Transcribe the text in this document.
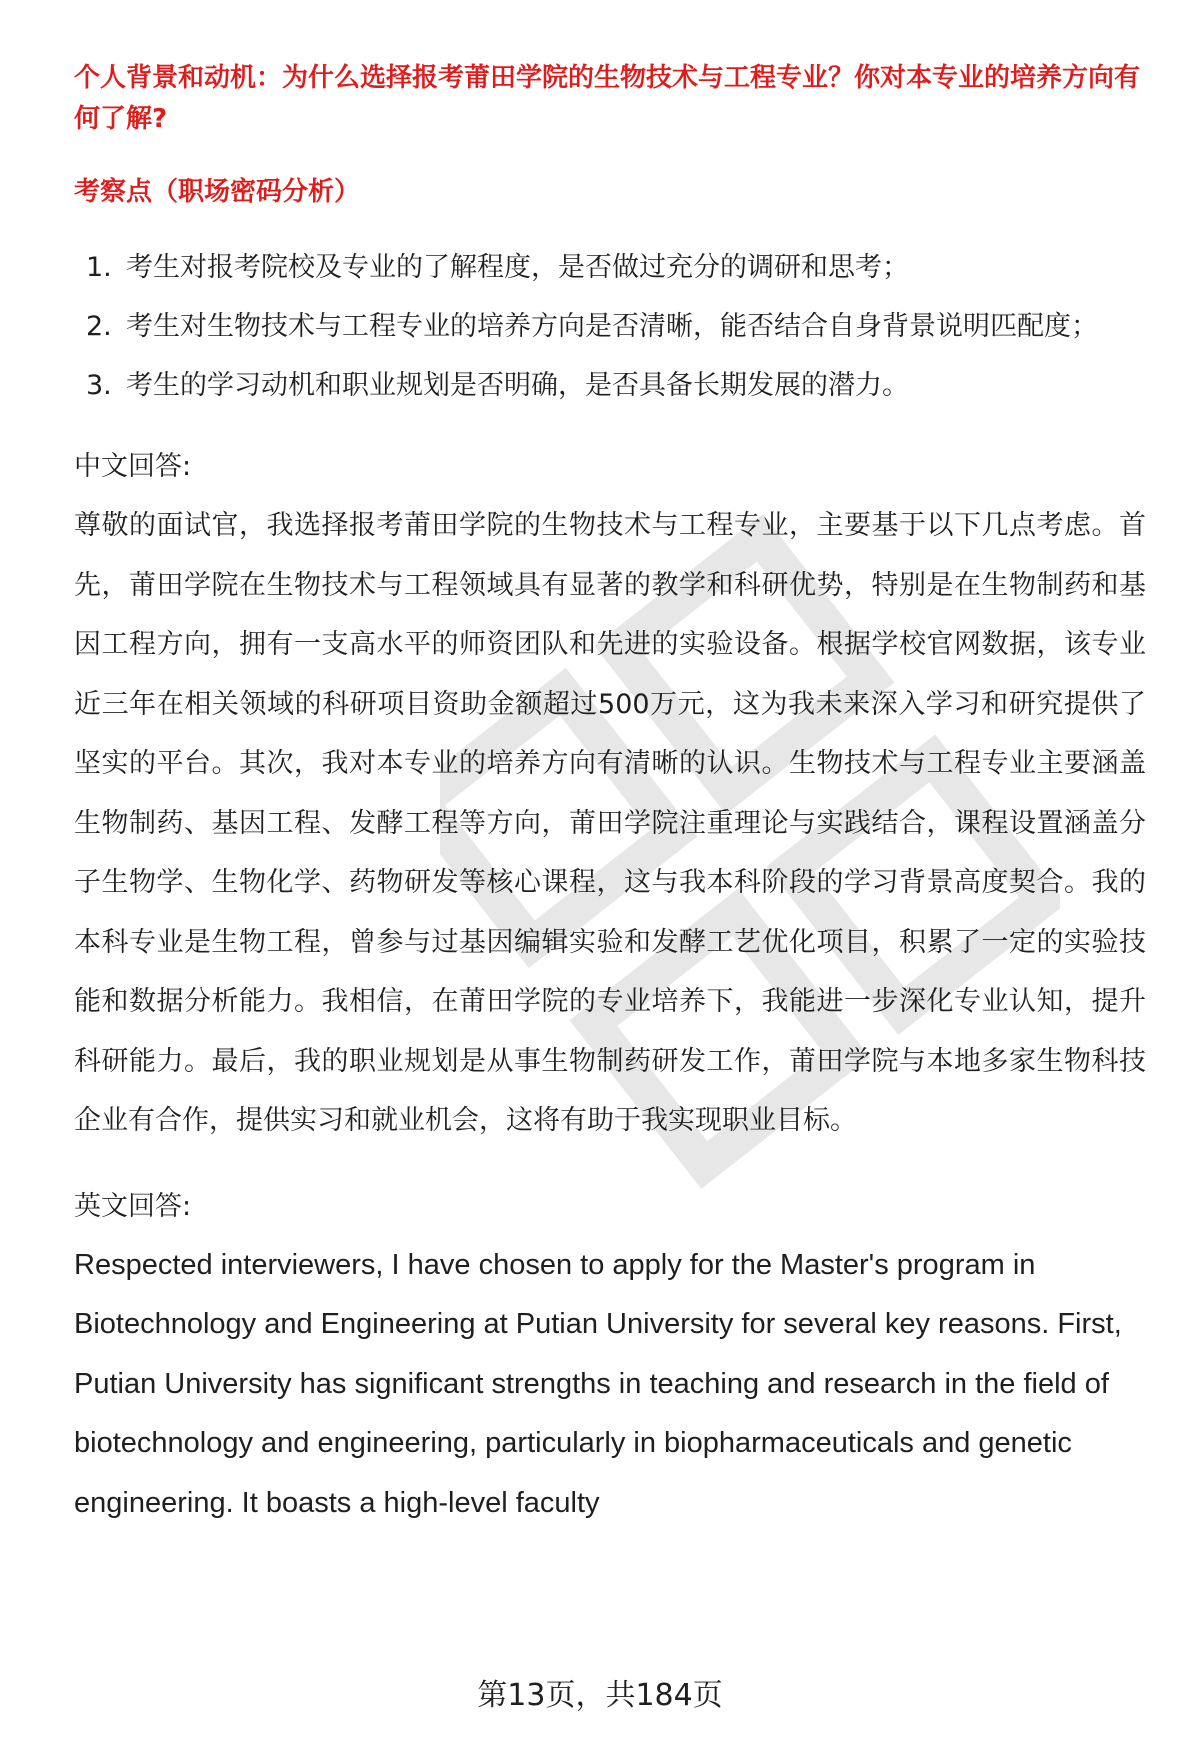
个人背景和动机：为什么选择报考莆田学院的生物技术与工程专业？你对本专业的培养方向有何了解?

考察点（职场密码分析）

1. 考生对报考院校及专业的了解程度，是否做过充分的调研和思考；
2. 考生对生物技术与工程专业的培养方向是否清晰，能否结合自身背景说明匹配度；
3. 考生的学习动机和职业规划是否明确，是否具备长期发展的潜力。

中文回答:

尊敬的面试官，我选择报考莆田学院的生物技术与工程专业，主要基于以下几点考虑。首先，莆田学院在生物技术与工程领域具有显著的教学和科研优势，特别是在生物制药和基因工程方向，拥有一支高水平的师资团队和先进的实验设备。根据学校官网数据，该专业近三年在相关领域的科研项目资助金额超过500万元，这为我未来深入学习和研究提供了坚实的平台。其次，我对本专业的培养方向有清晰的认识。生物技术与工程专业主要涵盖生物制药、基因工程、发酵工程等方向，莆田学院注重理论与实践结合，课程设置涵盖分子生物学、生物化学、药物研发等核心课程，这与我本科阶段的学习背景高度契合。我的本科专业是生物工程，曾参与过基因编辑实验和发酵工艺优化项目，积累了一定的实验技能和数据分析能力。我相信，在莆田学院的专业培养下，我能进一步深化专业认知，提升科研能力。最后，我的职业规划是从事生物制药研发工作，莆田学院与本地多家生物科技企业有合作，提供实习和就业机会，这将有助于我实现职业目标。

英文回答:

Respected interviewers, I have chosen to apply for the Master's program in Biotechnology and Engineering at Putian University for several key reasons. First, Putian University has significant strengths in teaching and research in the field of biotechnology and engineering, particularly in biopharmaceuticals and genetic engineering. It boasts a high-level faculty

第13页，共184页
